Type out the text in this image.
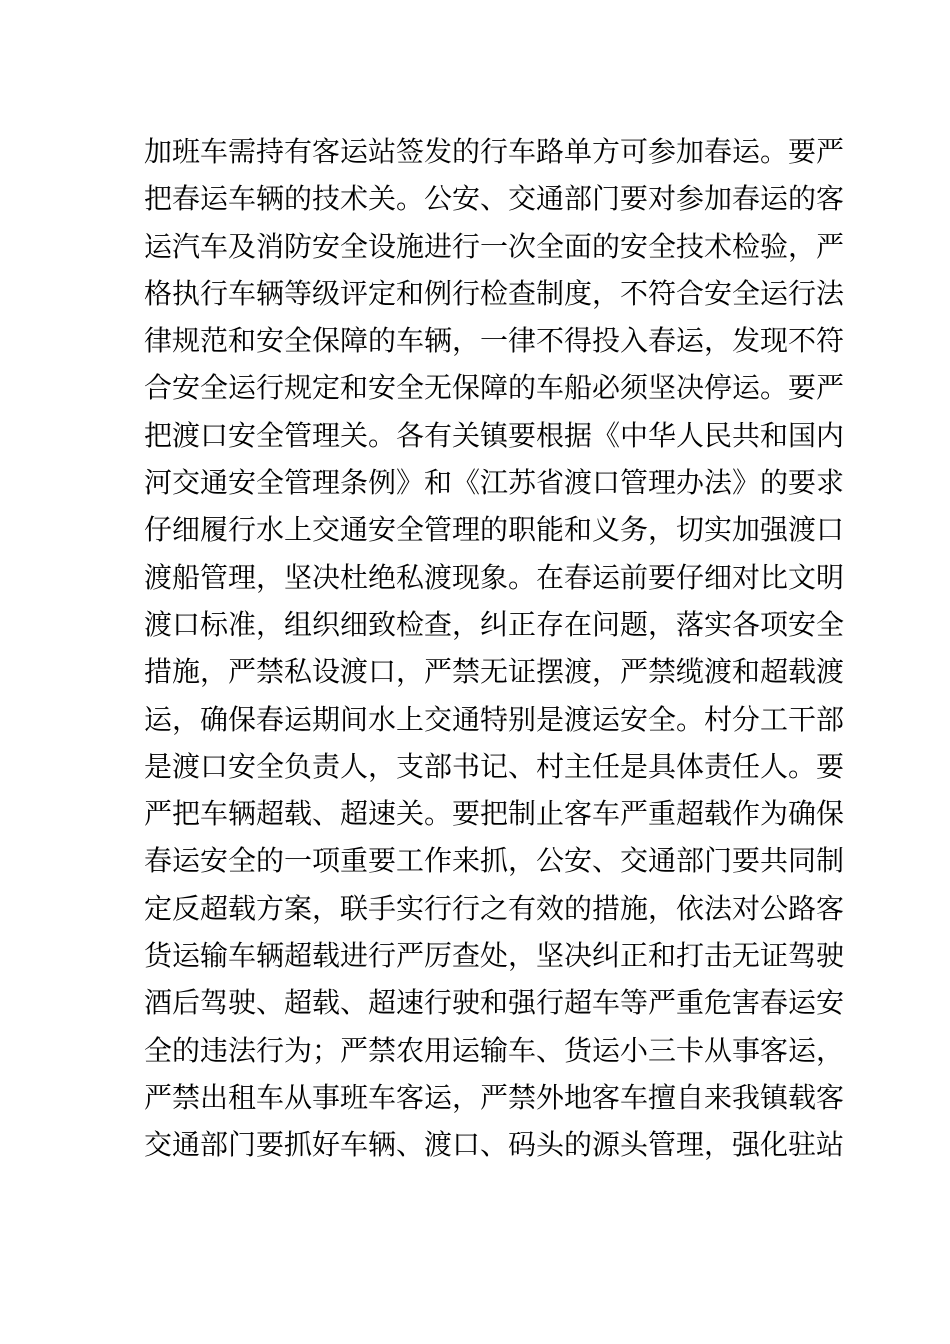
加班车需持有客运站签发的行车路单方可参加春运。要严
把春运车辆的技术关。公安、交通部门要对参加春运的客
运汽车及消防安全设施进行一次全面的安全技术检验，严
格执行车辆等级评定和例行检查制度，不符合安全运行法
律规范和安全保障的车辆，一律不得投入春运，发现不符
合安全运行规定和安全无保障的车船必须坚决停运。要严
把渡口安全管理关。各有关镇要根据《中华人民共和国内
河交通安全管理条例》和《江苏省渡口管理办法》的要求
仔细履行水上交通安全管理的职能和义务，切实加强渡口
渡船管理，坚决杜绝私渡现象。在春运前要仔细对比文明
渡口标准，组织细致检查，纠正存在问题，落实各项安全
措施，严禁私设渡口，严禁无证摆渡，严禁缆渡和超载渡
运，确保春运期间水上交通特别是渡运安全。村分工干部
是渡口安全负责人，支部书记、村主任是具体责任人。要
严把车辆超载、超速关。要把制止客车严重超载作为确保
春运安全的一项重要工作来抓，公安、交通部门要共同制
定反超载方案，联手实行行之有效的措施，依法对公路客
货运输车辆超载进行严厉查处，坚决纠正和打击无证驾驶
酒后驾驶、超载、超速行驶和强行超车等严重危害春运安
全的违法行为；严禁农用运输车、货运小三卡从事客运，
严禁出租车从事班车客运，严禁外地客车擅自来我镇载客
交通部门要抓好车辆、渡口、码头的源头管理，强化驻站
